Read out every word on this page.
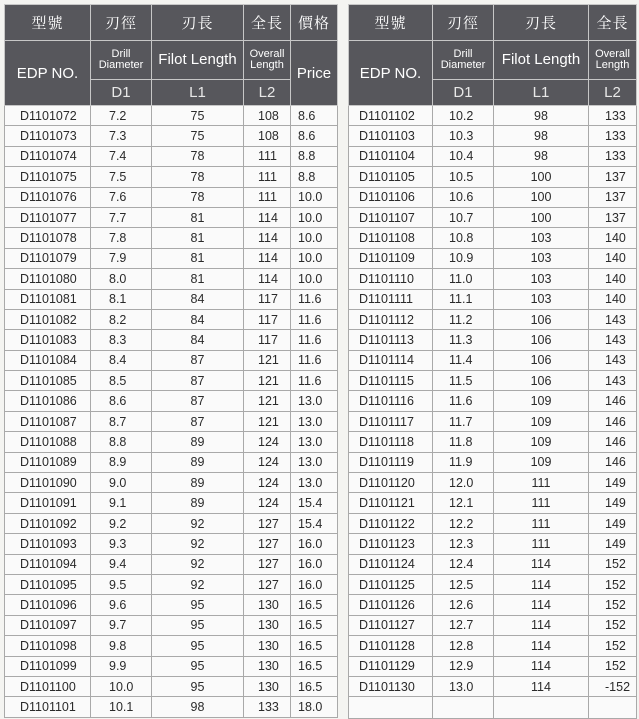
型號	刃徑	刃長	全長	價格
EDP NO.	Drill Diameter	Filot Length	Overall Length	Price
	D1	L1	L2	
D1101072	7.2	75	108	8.6
D1101073	7.3	75	108	8.6
D1101074	7.4	78	111	8.8
D1101075	7.5	78	111	8.8
D1101076	7.6	78	111	10.0
D1101077	7.7	81	114	10.0
D1101078	7.8	81	114	10.0
D1101079	7.9	81	114	10.0
D1101080	8.0	81	114	10.0
D1101081	8.1	84	117	11.6
D1101082	8.2	84	117	11.6
D1101083	8.3	84	117	11.6
D1101084	8.4	87	121	11.6
D1101085	8.5	87	121	11.6
D1101086	8.6	87	121	13.0
D1101087	8.7	87	121	13.0
D1101088	8.8	89	124	13.0
D1101089	8.9	89	124	13.0
D1101090	9.0	89	124	13.0
D1101091	9.1	89	124	15.4
D1101092	9.2	92	127	15.4
D1101093	9.3	92	127	16.0
D1101094	9.4	92	127	16.0
D1101095	9.5	92	127	16.0
D1101096	9.6	95	130	16.5
D1101097	9.7	95	130	16.5
D1101098	9.8	95	130	16.5
D1101099	9.9	95	130	16.5
D1101100	10.0	95	130	16.5
D1101101	10.1	98	133	18.0
型號	刃徑	刃長	全長
EDP NO.	Drill Diameter	Filot Length	Overall Length
	D1	L1	L2
D1101102	10.2	98	133
D1101103	10.3	98	133
D1101104	10.4	98	133
D1101105	10.5	100	137
D1101106	10.6	100	137
D1101107	10.7	100	137
D1101108	10.8	103	140
D1101109	10.9	103	140
D1101110	11.0	103	140
D1101111	11.1	103	140
D1101112	11.2	106	143
D1101113	11.3	106	143
D1101114	11.4	106	143
D1101115	11.5	106	143
D1101116	11.6	109	146
D1101117	11.7	109	146
D1101118	11.8	109	146
D1101119	11.9	109	146
D1101120	12.0	111	149
D1101121	12.1	111	149
D1101122	12.2	111	149
D1101123	12.3	111	149
D1101124	12.4	114	152
D1101125	12.5	114	152
D1101126	12.6	114	152
D1101127	12.7	114	152
D1101128	12.8	114	152
D1101129	12.9	114	152
D1101130	13.0	114	-152
